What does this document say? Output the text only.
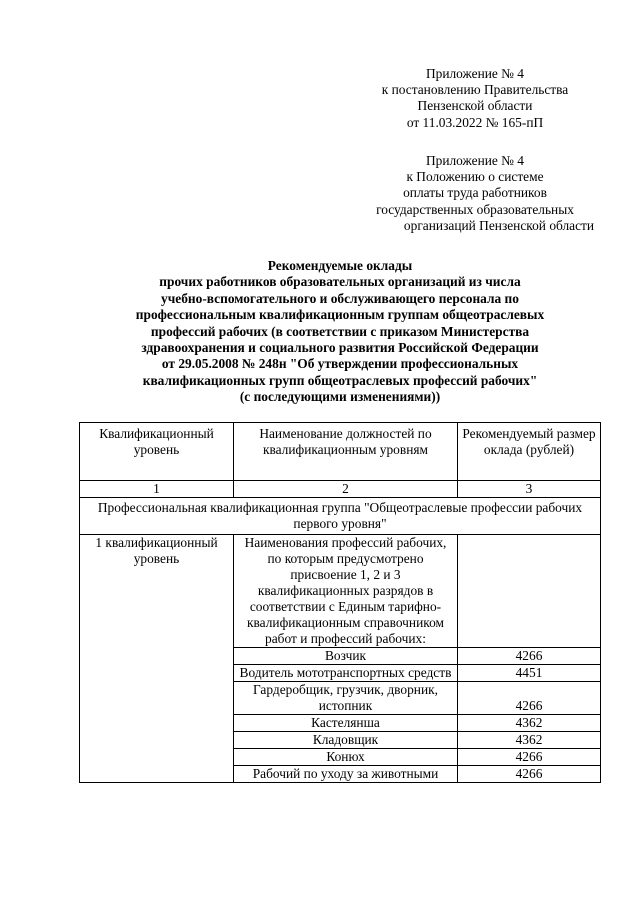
Приложение № 4
к постановлению Правительства
Пензенской области
от 11.03.2022 № 165-пП
Приложение № 4
к Положению о системе
оплаты труда работников
государственных образовательных
организаций Пензенской области
Рекомендуемые оклады
прочих работников образовательных организаций из числа
учебно-вспомогательного и обслуживающего персонала по
профессиональным квалификационным группам общеотраслевых
профессий рабочих (в соответствии с приказом Министерства
здравоохранения и социального развития Российской Федерации
от 29.05.2008 № 248н "Об утверждении профессиональных
квалификационных групп общеотраслевых профессий рабочих"
(с последующими изменениями))
Квалификационный уровень	Наименование должностей по квалификационным уровням	Рекомендуемый размер оклада (рублей)
1	2	3
Профессиональная квалификационная группа "Общеотраслевые профессии рабочих первого уровня"		
1 квалификационный уровень	Наименования профессий рабочих, по которым предусмотрено присвоение 1, 2 и 3 квалификационных разрядов в соответствии с Единым тарифно-квалификационным справочником работ и профессий рабочих:	
	Возчик	4266
	Водитель мототранспортных средств	4451
	Гардеробщик, грузчик, дворник, истопник	4266
	Кастелянша	4362
	Кладовщик	4362
	Конюх	4266
	Рабочий по уходу за животными	4266
